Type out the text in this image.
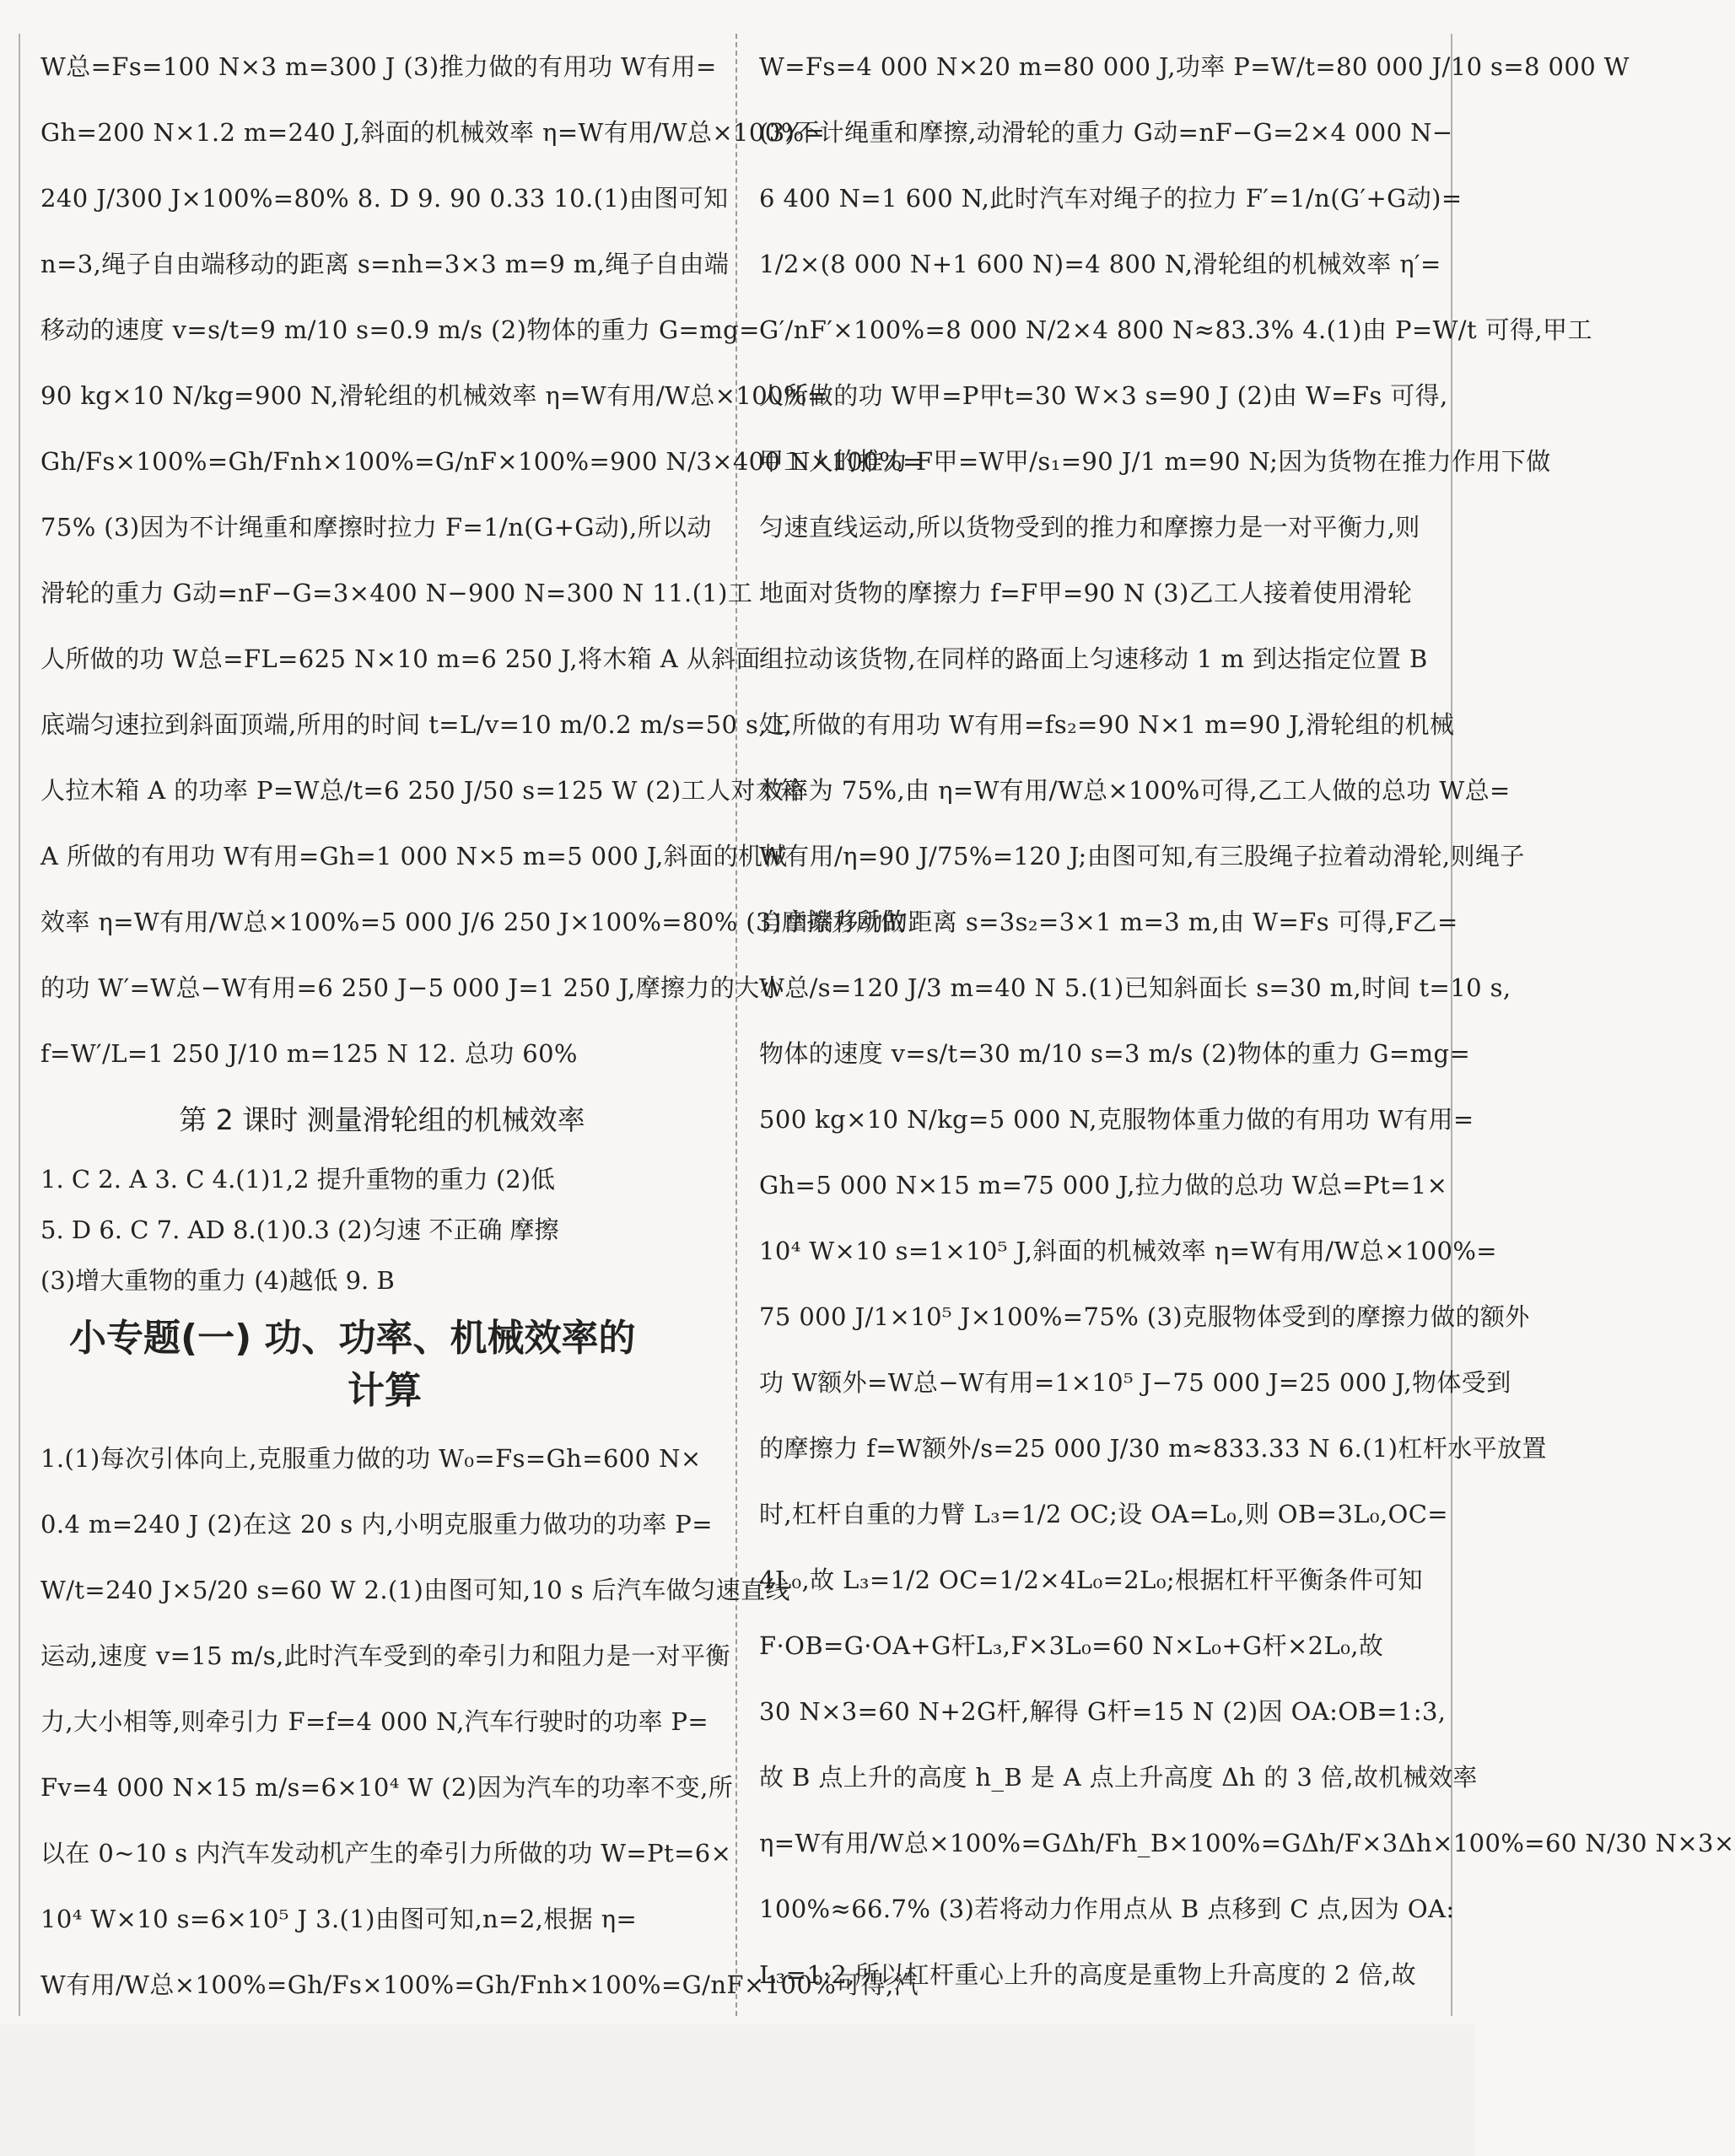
W总=Fs=100 N×3 m=300 J (3)推力做的有用功 W有用=
Gh=200 N×1.2 m=240 J,斜面的机械效率 η=W有用/W总×100%=
240 J/300 J×100%=80% 8. D 9. 90 0.33 10.(1)由图可知
n=3,绳子自由端移动的距离 s=nh=3×3 m=9 m,绳子自由端
移动的速度 v=s/t=9 m/10 s=0.9 m/s (2)物体的重力 G=mg=
90 kg×10 N/kg=900 N,滑轮组的机械效率 η=W有用/W总×100%=
Gh/Fs×100%=Gh/Fnh×100%=G/nF×100%=900 N/3×400 N×100%=
75% (3)因为不计绳重和摩擦时拉力 F=1/n(G+G动),所以动
滑轮的重力 G动=nF−G=3×400 N−900 N=300 N 11.(1)工
人所做的功 W总=FL=625 N×10 m=6 250 J,将木箱 A 从斜面
底端匀速拉到斜面顶端,所用的时间 t=L/v=10 m/0.2 m/s=50 s,工
人拉木箱 A 的功率 P=W总/t=6 250 J/50 s=125 W (2)工人对木箱
A 所做的有用功 W有用=Gh=1 000 N×5 m=5 000 J,斜面的机械
效率 η=W有用/W总×100%=5 000 J/6 250 J×100%=80% (3)摩擦力所做
的功 W′=W总−W有用=6 250 J−5 000 J=1 250 J,摩擦力的大小
f=W′/L=1 250 J/10 m=125 N 12. 总功 60%
第 2 课时 测量滑轮组的机械效率
1. C 2. A 3. C 4.(1)1,2 提升重物的重力 (2)低
5. D 6. C 7. AD 8.(1)0.3 (2)匀速 不正确 摩擦
(3)增大重物的重力 (4)越低 9. B
小专题(一) 功、功率、机械效率的
计算
1.(1)每次引体向上,克服重力做的功 W₀=Fs=Gh=600 N×
0.4 m=240 J (2)在这 20 s 内,小明克服重力做功的功率 P=
W/t=240 J×5/20 s=60 W 2.(1)由图可知,10 s 后汽车做匀速直线
运动,速度 v=15 m/s,此时汽车受到的牵引力和阻力是一对平衡
力,大小相等,则牵引力 F=f=4 000 N,汽车行驶时的功率 P=
Fv=4 000 N×15 m/s=6×10⁴ W (2)因为汽车的功率不变,所
以在 0~10 s 内汽车发动机产生的牵引力所做的功 W=Pt=6×
10⁴ W×10 s=6×10⁵ J 3.(1)由图可知,n=2,根据 η=
W有用/W总×100%=Gh/Fs×100%=Gh/Fnh×100%=G/nF×100%可得,汽
W=Fs=4 000 N×20 m=80 000 J,功率 P=W/t=80 000 J/10 s=8 000 W
(3)不计绳重和摩擦,动滑轮的重力 G动=nF−G=2×4 000 N−
6 400 N=1 600 N,此时汽车对绳子的拉力 F′=1/n(G′+G动)=
1/2×(8 000 N+1 600 N)=4 800 N,滑轮组的机械效率 η′=
G′/nF′×100%=8 000 N/2×4 800 N≈83.3% 4.(1)由 P=W/t 可得,甲工
人所做的功 W甲=P甲t=30 W×3 s=90 J (2)由 W=Fs 可得,
甲工人的推力 F甲=W甲/s₁=90 J/1 m=90 N;因为货物在推力作用下做
匀速直线运动,所以货物受到的推力和摩擦力是一对平衡力,则
地面对货物的摩擦力 f=F甲=90 N (3)乙工人接着使用滑轮
组拉动该货物,在同样的路面上匀速移动 1 m 到达指定位置 B
处,所做的有用功 W有用=fs₂=90 N×1 m=90 J,滑轮组的机械
效率为 75%,由 η=W有用/W总×100%可得,乙工人做的总功 W总=
W有用/η=90 J/75%=120 J;由图可知,有三股绳子拉着动滑轮,则绳子
自由端移动的距离 s=3s₂=3×1 m=3 m,由 W=Fs 可得,F乙=
W总/s=120 J/3 m=40 N 5.(1)已知斜面长 s=30 m,时间 t=10 s,
物体的速度 v=s/t=30 m/10 s=3 m/s (2)物体的重力 G=mg=
500 kg×10 N/kg=5 000 N,克服物体重力做的有用功 W有用=
Gh=5 000 N×15 m=75 000 J,拉力做的总功 W总=Pt=1×
10⁴ W×10 s=1×10⁵ J,斜面的机械效率 η=W有用/W总×100%=
75 000 J/1×10⁵ J×100%=75% (3)克服物体受到的摩擦力做的额外
功 W额外=W总−W有用=1×10⁵ J−75 000 J=25 000 J,物体受到
的摩擦力 f=W额外/s=25 000 J/30 m≈833.33 N 6.(1)杠杆水平放置
时,杠杆自重的力臂 L₃=1/2 OC;设 OA=L₀,则 OB=3L₀,OC=
4L₀,故 L₃=1/2 OC=1/2×4L₀=2L₀;根据杠杆平衡条件可知
F·OB=G·OA+G杆L₃,F×3L₀=60 N×L₀+G杆×2L₀,故
30 N×3=60 N+2G杆,解得 G杆=15 N (2)因 OA:OB=1:3,
故 B 点上升的高度 h_B 是 A 点上升高度 Δh 的 3 倍,故机械效率
η=W有用/W总×100%=GΔh/Fh_B×100%=GΔh/F×3Δh×100%=60 N/30 N×3×
100%≈66.7% (3)若将动力作用点从 B 点移到 C 点,因为 OA:
L₃=1:2,所以杠杆重心上升的高度是重物上升高度的 2 倍,故
